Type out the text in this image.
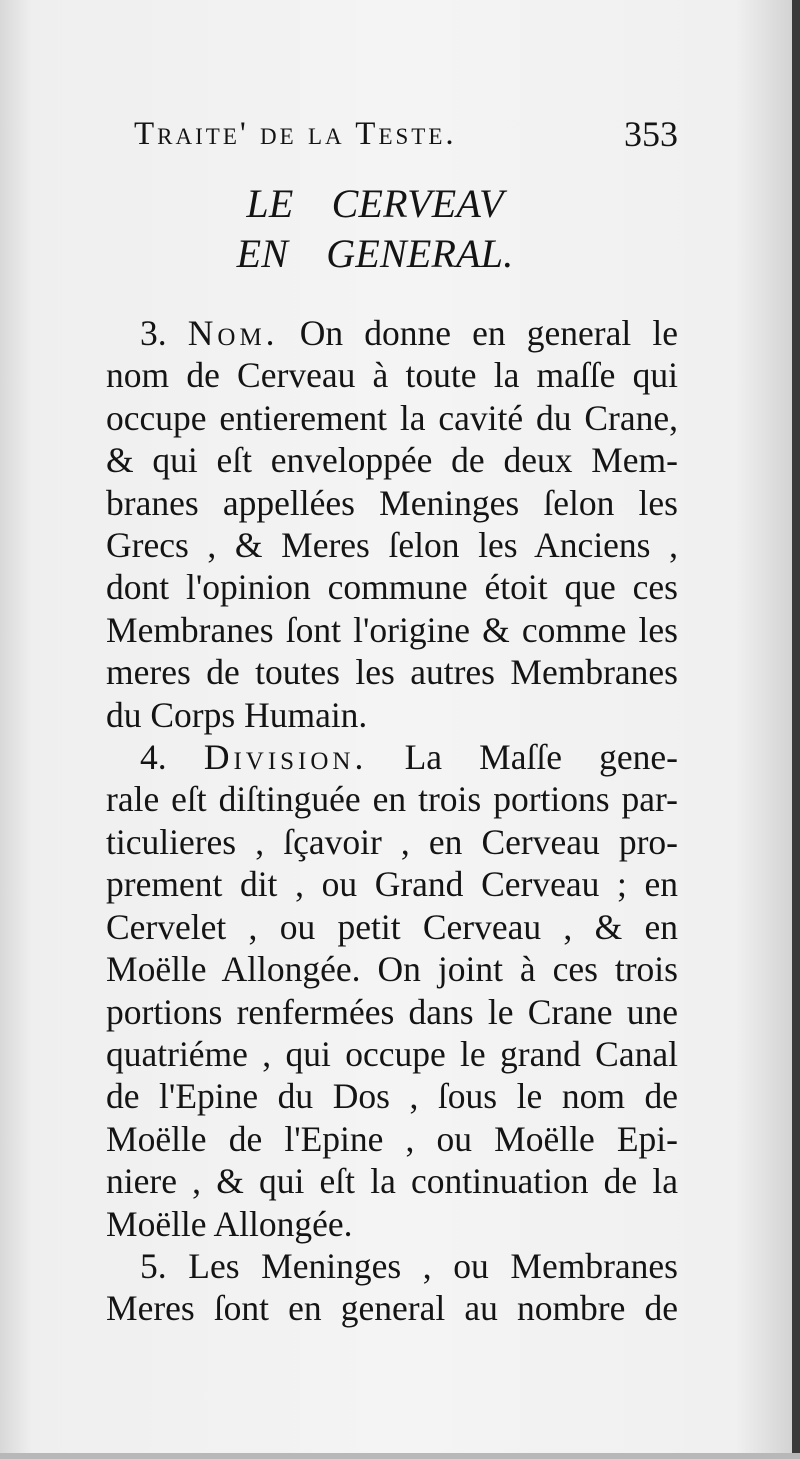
Traite' de la Teste.	353
LE CERVEAV
EN GENERAL.
3. Nom. On donne en general le
nom de Cerveau à toute la maſſe qui
occupe entierement la cavité du Crane,
& qui eſt enveloppée de deux Mem-
branes appellées Meninges ſelon les
Grecs , & Meres ſelon les Anciens ,
dont l'opinion commune étoit que ces
Membranes ſont l'origine & comme les
meres de toutes les autres Membranes
du Corps Humain.
4. Division. La Maſſe gene-
rale eſt diſtinguée en trois portions par-
ticulieres , ſçavoir , en Cerveau pro-
prement dit , ou Grand Cerveau ; en
Cervelet , ou petit Cerveau , & en
Moëlle Allongée. On joint à ces trois
portions renfermées dans le Crane une
quatriéme , qui occupe le grand Canal
de l'Epine du Dos , ſous le nom de
Moëlle de l'Epine , ou Moëlle Epi-
niere , & qui eſt la continuation de la
Moëlle Allongée.
5. Les Meninges , ou Membranes
Meres ſont en general au nombre de
